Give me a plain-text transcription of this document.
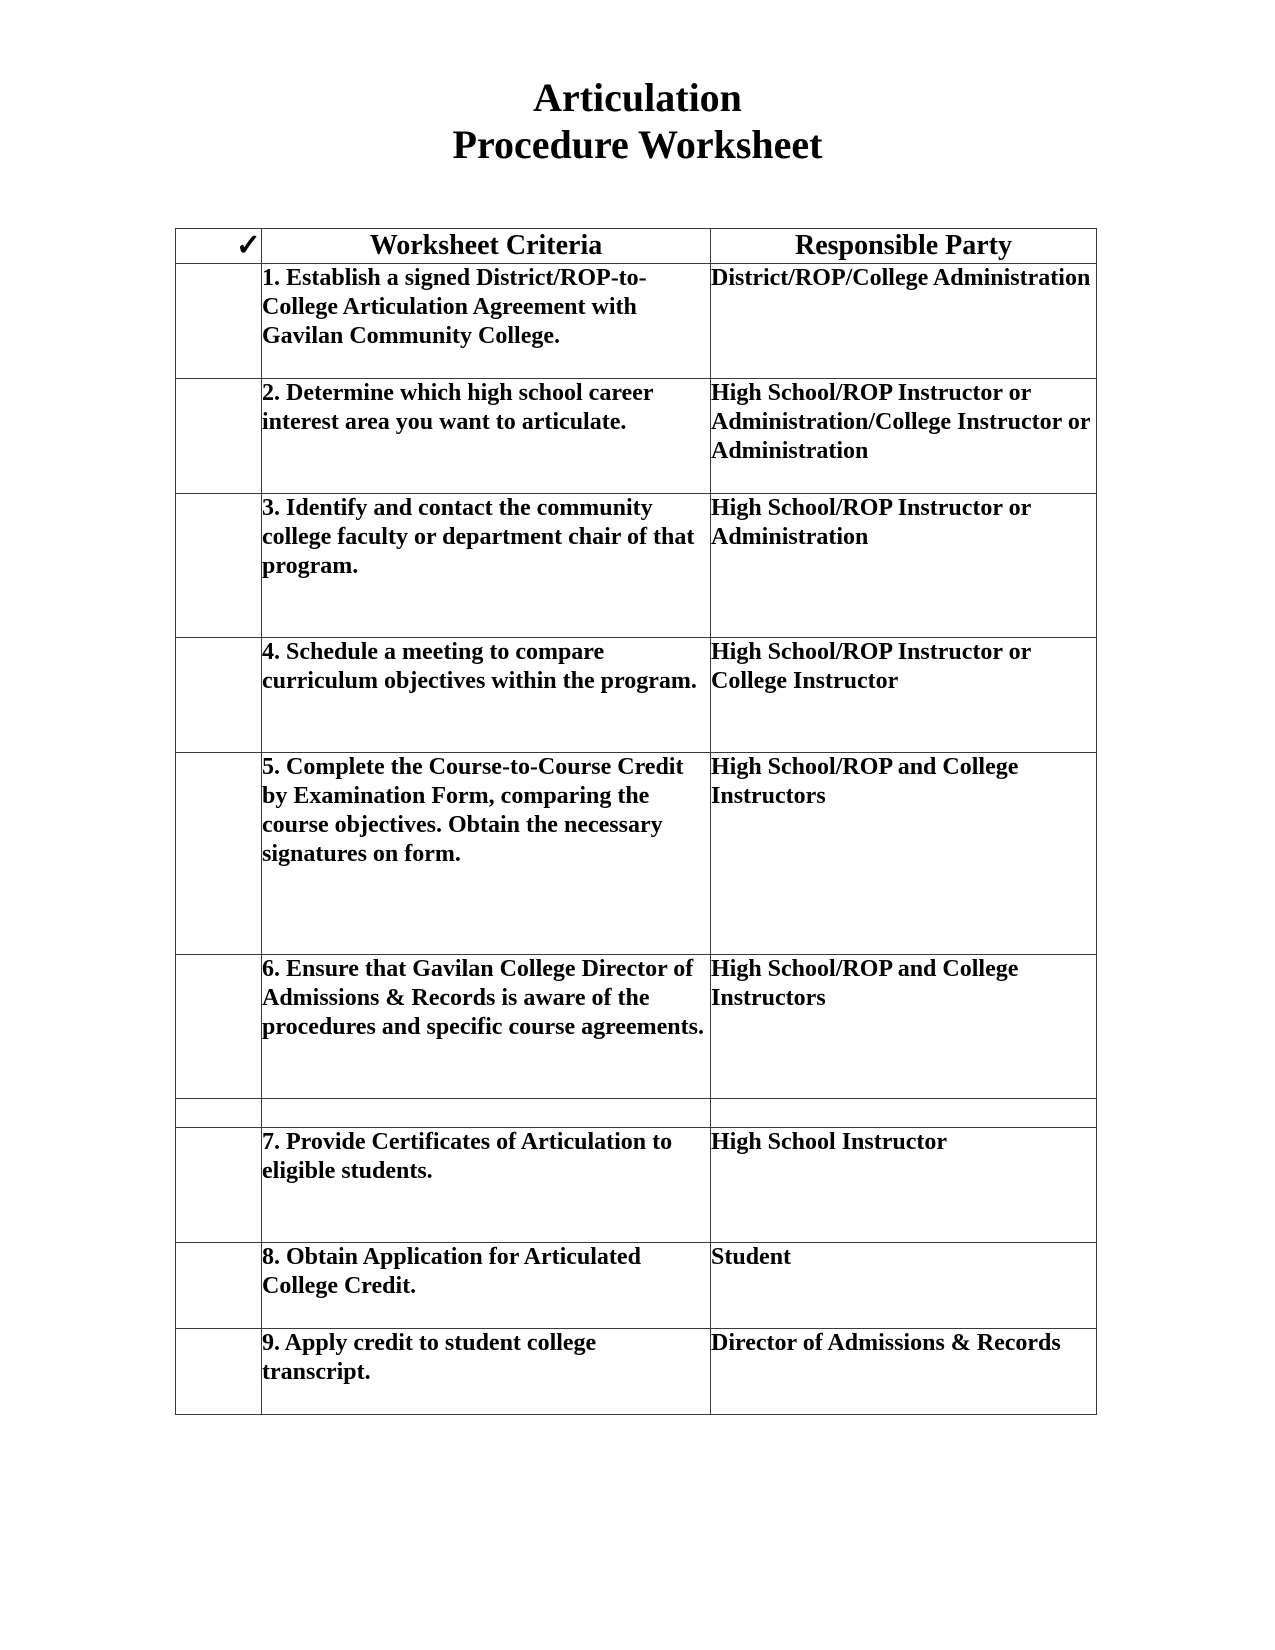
Articulation
Procedure Worksheet
✓	Worksheet Criteria	Responsible Party
	1. Establish a signed District/ROP-to-College Articulation Agreement with Gavilan Community College.	District/ROP/College Administration
	2. Determine which high school career interest area you want to articulate.	High School/ROP Instructor or Administration/College Instructor or Administration
	3. Identify and contact the community college faculty or department chair of that program.	High School/ROP Instructor or Administration
	4. Schedule a meeting to compare curriculum objectives within the program.	High School/ROP Instructor or College Instructor
	5. Complete the Course-to-Course Credit by Examination Form, comparing the course objectives. Obtain the necessary signatures on form.	High School/ROP and College Instructors
	6. Ensure that Gavilan College Director of Admissions & Records is aware of the procedures and specific course agreements.	High School/ROP and College Instructors

	7. Provide Certificates of Articulation to eligible students.	High School Instructor
	8. Obtain Application for Articulated College Credit.	Student
	9. Apply credit to student college transcript.	Director of Admissions & Records
